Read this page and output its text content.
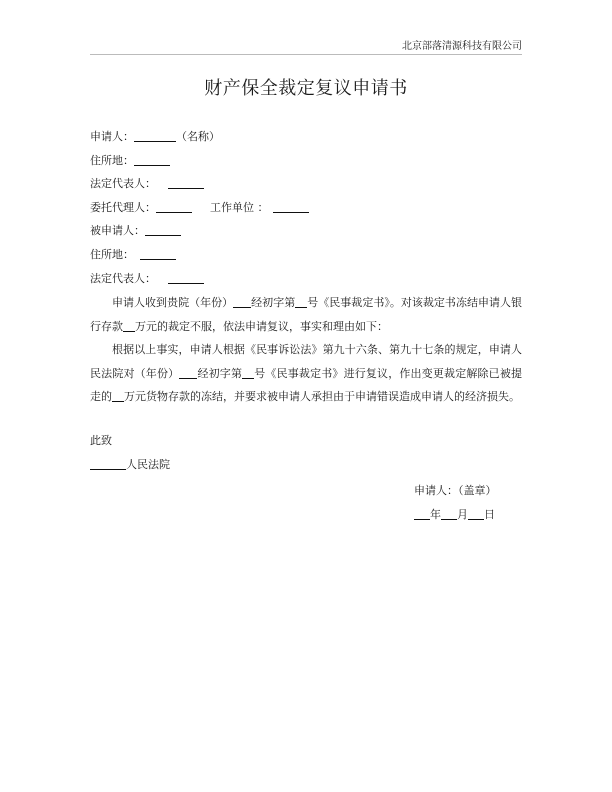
北京部落清源科技有限公司
财产保全裁定复议申请书
申请人：	（名称）
住所地：
法定代表人：
委托代理人：	工作单位 ：
被申请人：
住所地：
法定代表人：
申请人收到贵院（年份） 经初字第 号《民事裁定书》。对该裁定书冻结申请人银行存款 万元的裁定不服，依法申请复议，事实和理由如下：
根据以上事实，申请人根据《民事诉讼法》第九十六条、第九十七条的规定，申请人民法院对（年份） 经初字第 号《民事裁定书》进行复议，作出变更裁定解除已被提走的 万元货物存款的冻结，并要求被申请人承担由于申请错误造成申请人的经济损失。
此致
人民法院
申请人：（盖章）
年 月 日
